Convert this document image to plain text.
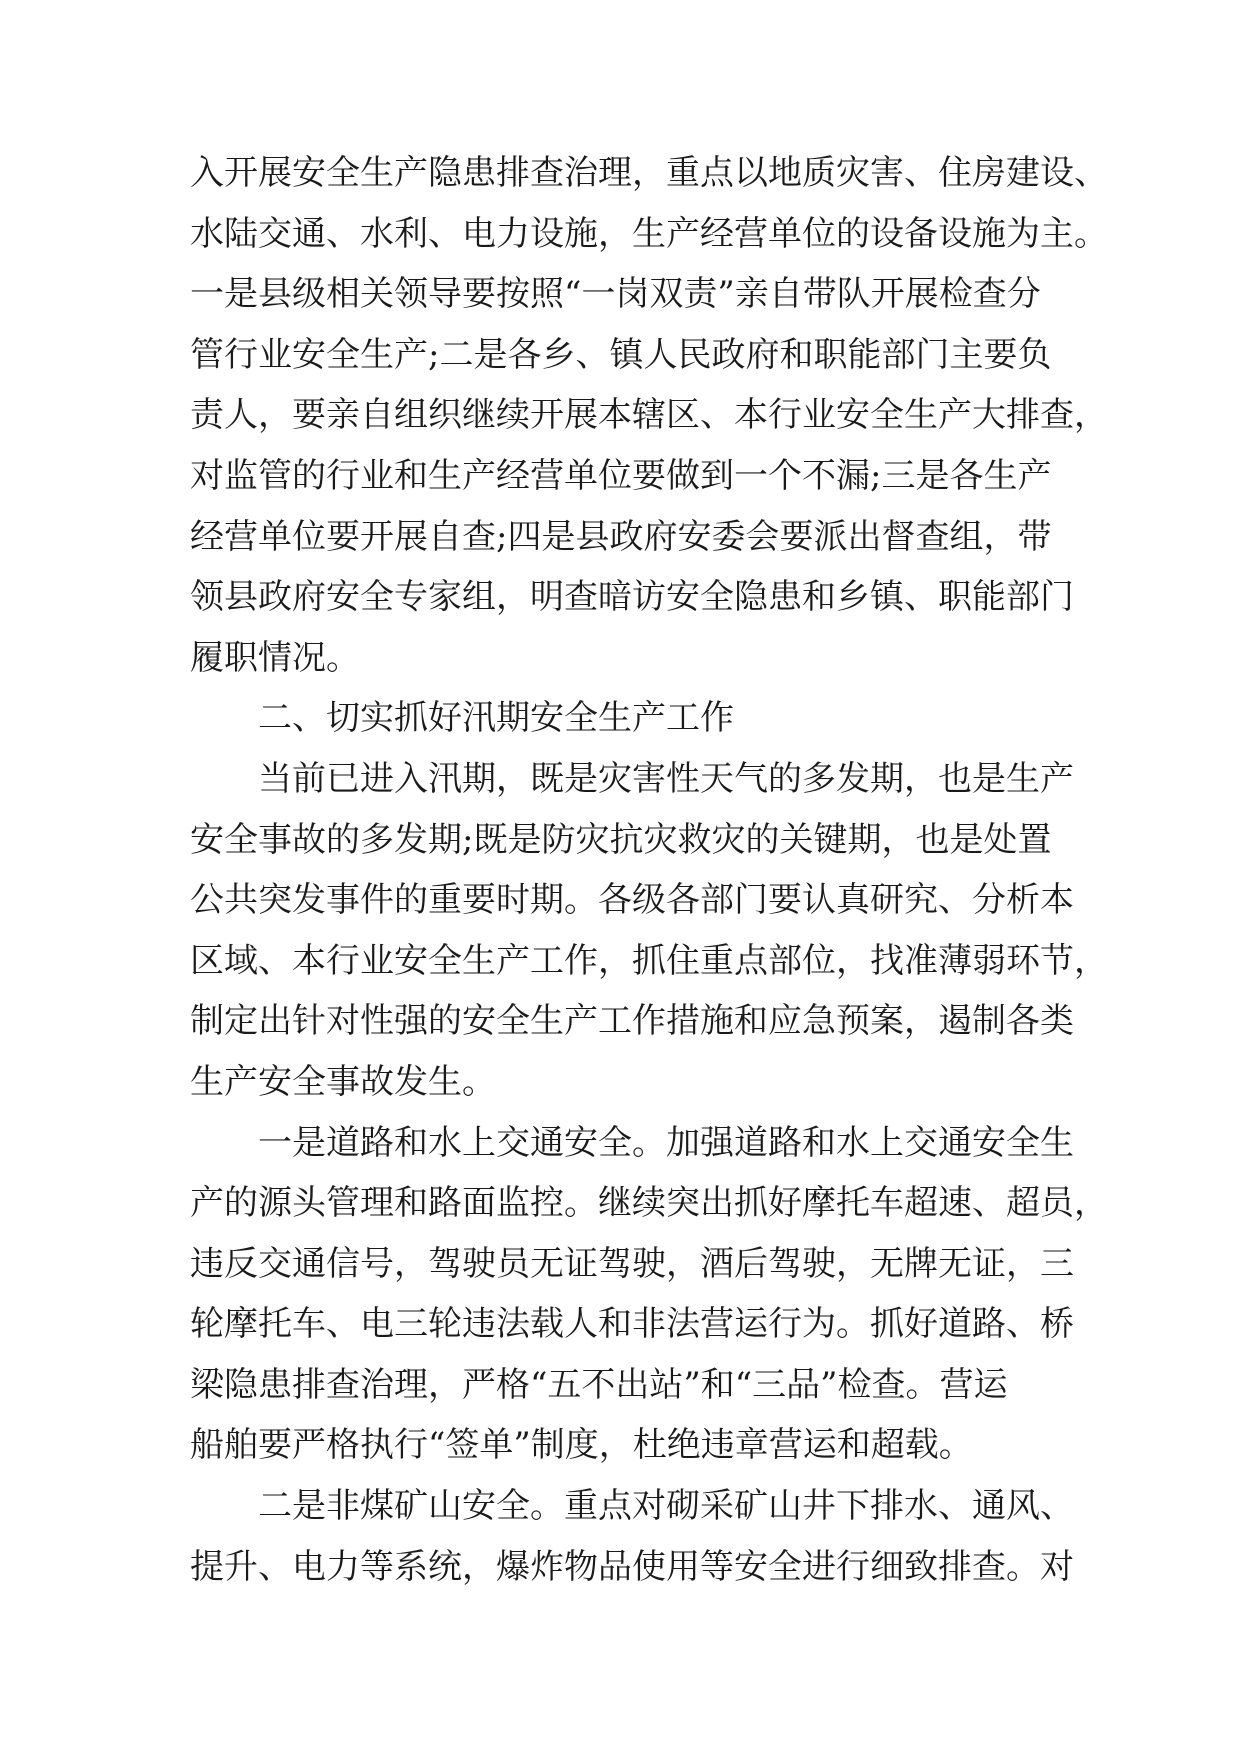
入开展安全生产隐患排查治理，重点以地质灾害、住房建设、
水陆交通、水利、电力设施，生产经营单位的设备设施为主。
一是县级相关领导要按照“一岗双责”亲自带队开展检查分
管行业安全生产;二是各乡、镇人民政府和职能部门主要负
责人，要亲自组织继续开展本辖区、本行业安全生产大排查，
对监管的行业和生产经营单位要做到一个不漏;三是各生产
经营单位要开展自查;四是县政府安委会要派出督查组，带
领县政府安全专家组，明查暗访安全隐患和乡镇、职能部门
履职情况。
二、切实抓好汛期安全生产工作
当前已进入汛期，既是灾害性天气的多发期，也是生产
安全事故的多发期;既是防灾抗灾救灾的关键期，也是处置
公共突发事件的重要时期。各级各部门要认真研究、分析本
区域、本行业安全生产工作，抓住重点部位，找准薄弱环节，
制定出针对性强的安全生产工作措施和应急预案，遏制各类
生产安全事故发生。
一是道路和水上交通安全。加强道路和水上交通安全生
产的源头管理和路面监控。继续突出抓好摩托车超速、超员，
违反交通信号，驾驶员无证驾驶，酒后驾驶，无牌无证，三
轮摩托车、电三轮违法载人和非法营运行为。抓好道路、桥
梁隐患排查治理，严格“五不出站”和“三品”检查。营运
船舶要严格执行“签单”制度，杜绝违章营运和超载。
二是非煤矿山安全。重点对砌采矿山井下排水、通风、
提升、电力等系统，爆炸物品使用等安全进行细致排查。对
